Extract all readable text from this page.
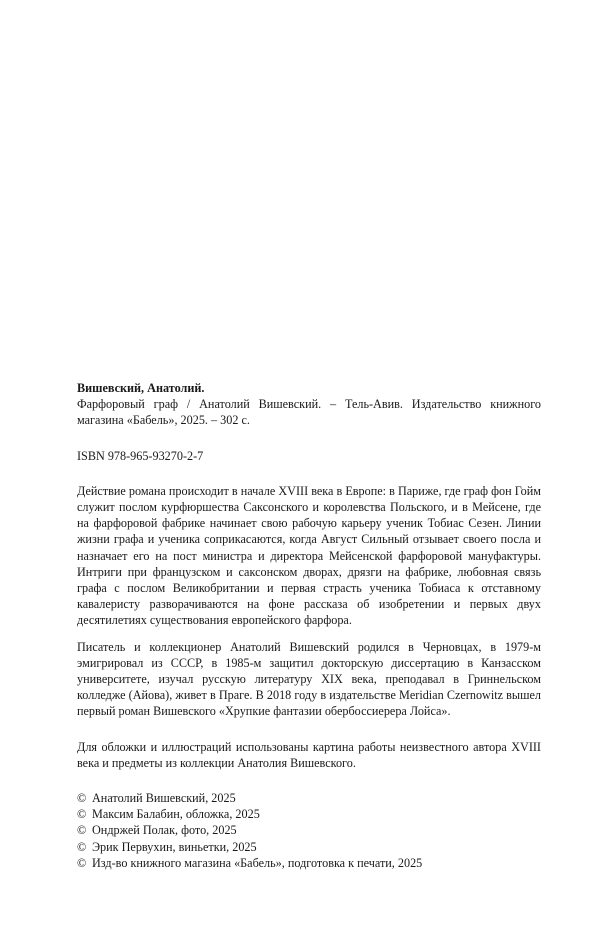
Вишевский, Анатолий.

Фарфоровый граф / Анатолий Вишевский. – Тель-Авив. Издательство книжного магазина «Бабель», 2025. – 302 с.

ISBN 978-965-93270-2-7

Действие романа происходит в начале XVIII века в Европе: в Париже, где граф фон Гойм служит послом курфюршества Саксонского и королевства Польского, и в Мейсене, где на фарфоровой фабрике начинает свою рабочую карьеру ученик Тобиас Сезен. Линии жизни графа и ученика соприкасаются, когда Август Сильный отзывает своего посла и назначает его на пост министра и директора Мейсенской фарфоровой мануфактуры. Интриги при французском и саксонском дворах, дрязги на фабрике, любовная связь графа с послом Великобритании и первая страсть ученика Тобиаса к отставному кавалеристу разворачиваются на фоне рассказа об изобретении и первых двух десятилетиях существования европейского фарфора.

Писатель и коллекционер Анатолий Вишевский родился в Черновцах, в 1979-м эмигрировал из СССР, в 1985-м защитил докторскую диссертацию в Канзасском университете, изучал русскую литературу XIX века, преподавал в Гриннельском колледже (Айова), живет в Праге. В 2018 году в издательстве Meridian Czernowitz вышел первый роман Вишевского «Хрупкие фантазии обербоссиерера Лойса».

Для обложки и иллюстраций использованы картина работы неизвестного автора XVIII века и предметы из коллекции Анатолия Вишевского.

© Анатолий Вишевский, 2025
© Максим Балабин, обложка, 2025
© Ондржей Полак, фото, 2025
© Эрик Первухин, виньетки, 2025
© Изд-во книжного магазина «Бабель», подготовка к печати, 2025
